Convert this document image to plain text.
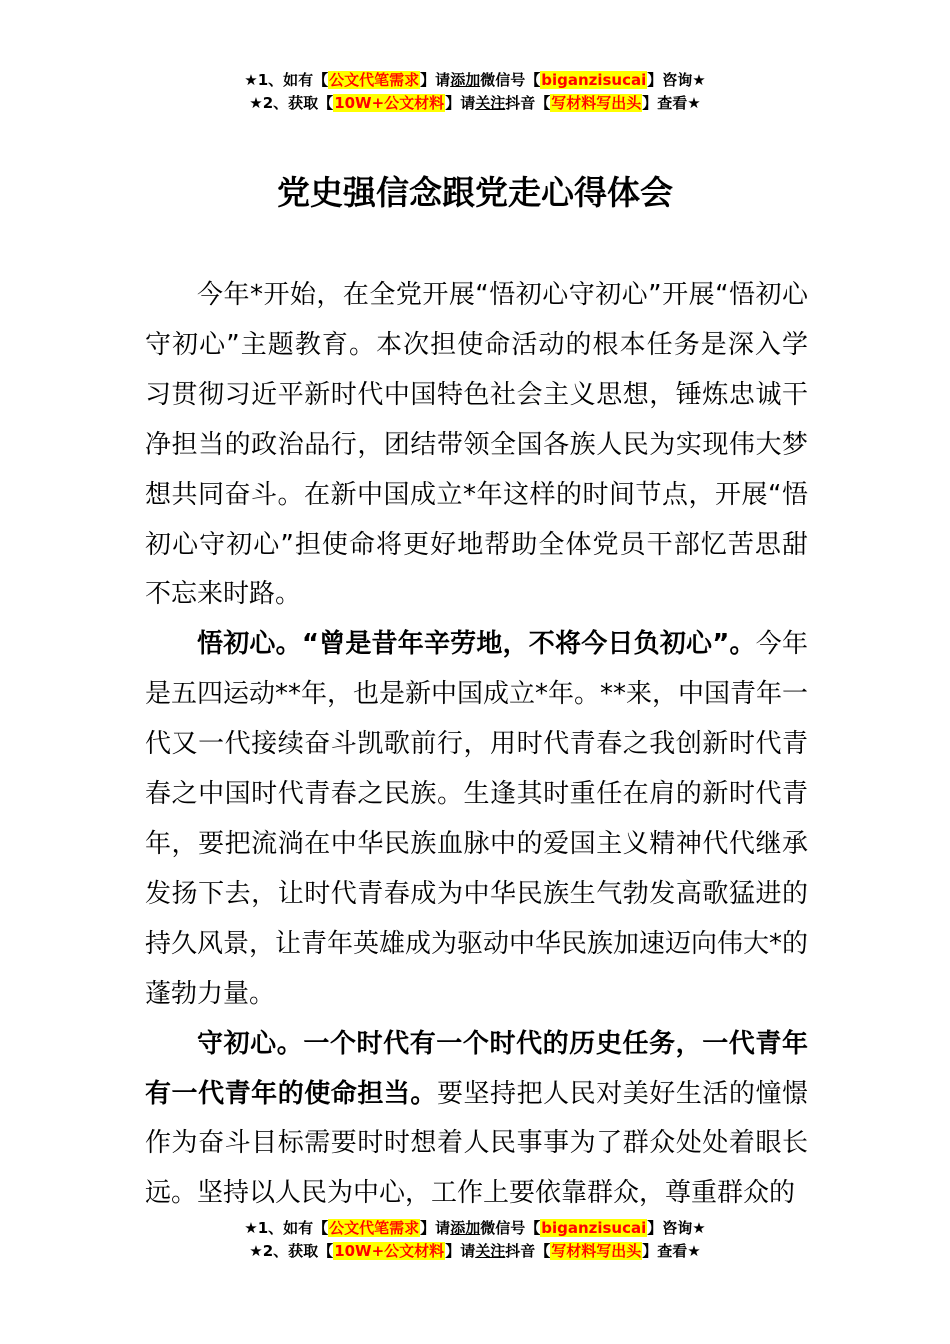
★1、如有【公文代笔需求】请添加微信号【biganzisucai】咨询★
★2、获取【10W+公文材料】请关注抖音【写材料写出头】查看★
党史强信念跟党走心得体会

今年*开始，在全党开展“悟初心守初心”开展“悟初心守初心”主题教育。本次担使命活动的根本任务是深入学习贯彻习近平新时代中国特色社会主义思想，锤炼忠诚干净担当的政治品行，团结带领全国各族人民为实现伟大梦想共同奋斗。在新中国成立*年这样的时间节点，开展“悟初心守初心”担使命将更好地帮助全体党员干部忆苦思甜不忘来时路。

悟初心。“曾是昔年辛劳地，不将今日负初心”。今年是五四运动**年，也是新中国成立*年。**来，中国青年一代又一代接续奋斗凯歌前行，用时代青春之我创新时代青春之中国时代青春之民族。生逢其时重任在肩的新时代青年，要把流淌在中华民族血脉中的爱国主义精神代代继承发扬下去，让时代青春成为中华民族生气勃发高歌猛进的持久风景，让青年英雄成为驱动中华民族加速迈向伟大*的蓬勃力量。

守初心。一个时代有一个时代的历史任务，一代青年有一代青年的使命担当。要坚持把人民对美好生活的憧憬作为奋斗目标需要时时想着人民事事为了群众处处着眼长远。坚持以人民为中心，工作上要依靠群众，尊重群众的

★1、如有【公文代笔需求】请添加微信号【biganzisucai】咨询★
★2、获取【10W+公文材料】请关注抖音【写材料写出头】查看★
